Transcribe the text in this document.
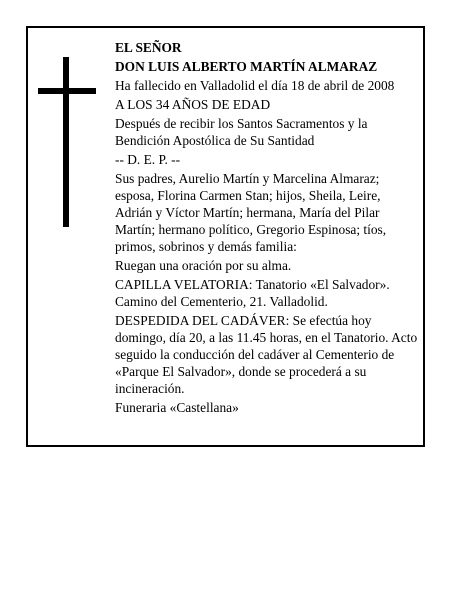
EL SEÑOR

DON LUIS ALBERTO MARTÍN ALMARAZ

Ha fallecido en Valladolid el día 18 de abril de 2008

A LOS 34 AÑOS DE EDAD

Después de recibir los Santos Sacramentos y la Bendición Apostólica de Su Santidad

-- D. E. P. --

Sus padres, Aurelio Martín y Marcelina Almaraz; esposa, Florina Carmen Stan; hijos, Sheila, Leire, Adrián y Víctor Martín; hermana, María del Pilar Martín; hermano político, Gregorio Espinosa; tíos, primos, sobrinos y demás familia:

Ruegan una oración por su alma.

CAPILLA VELATORIA: Tanatorio «El Salvador». Camino del Cementerio, 21. Valladolid.

DESPEDIDA DEL CADÁVER: Se efectúa hoy domingo, día 20, a las 11.45 horas, en el Tanatorio. Acto seguido la conducción del cadáver al Cementerio de «Parque El Salvador», donde se procederá a su incineración.

Funeraria «Castellana»
